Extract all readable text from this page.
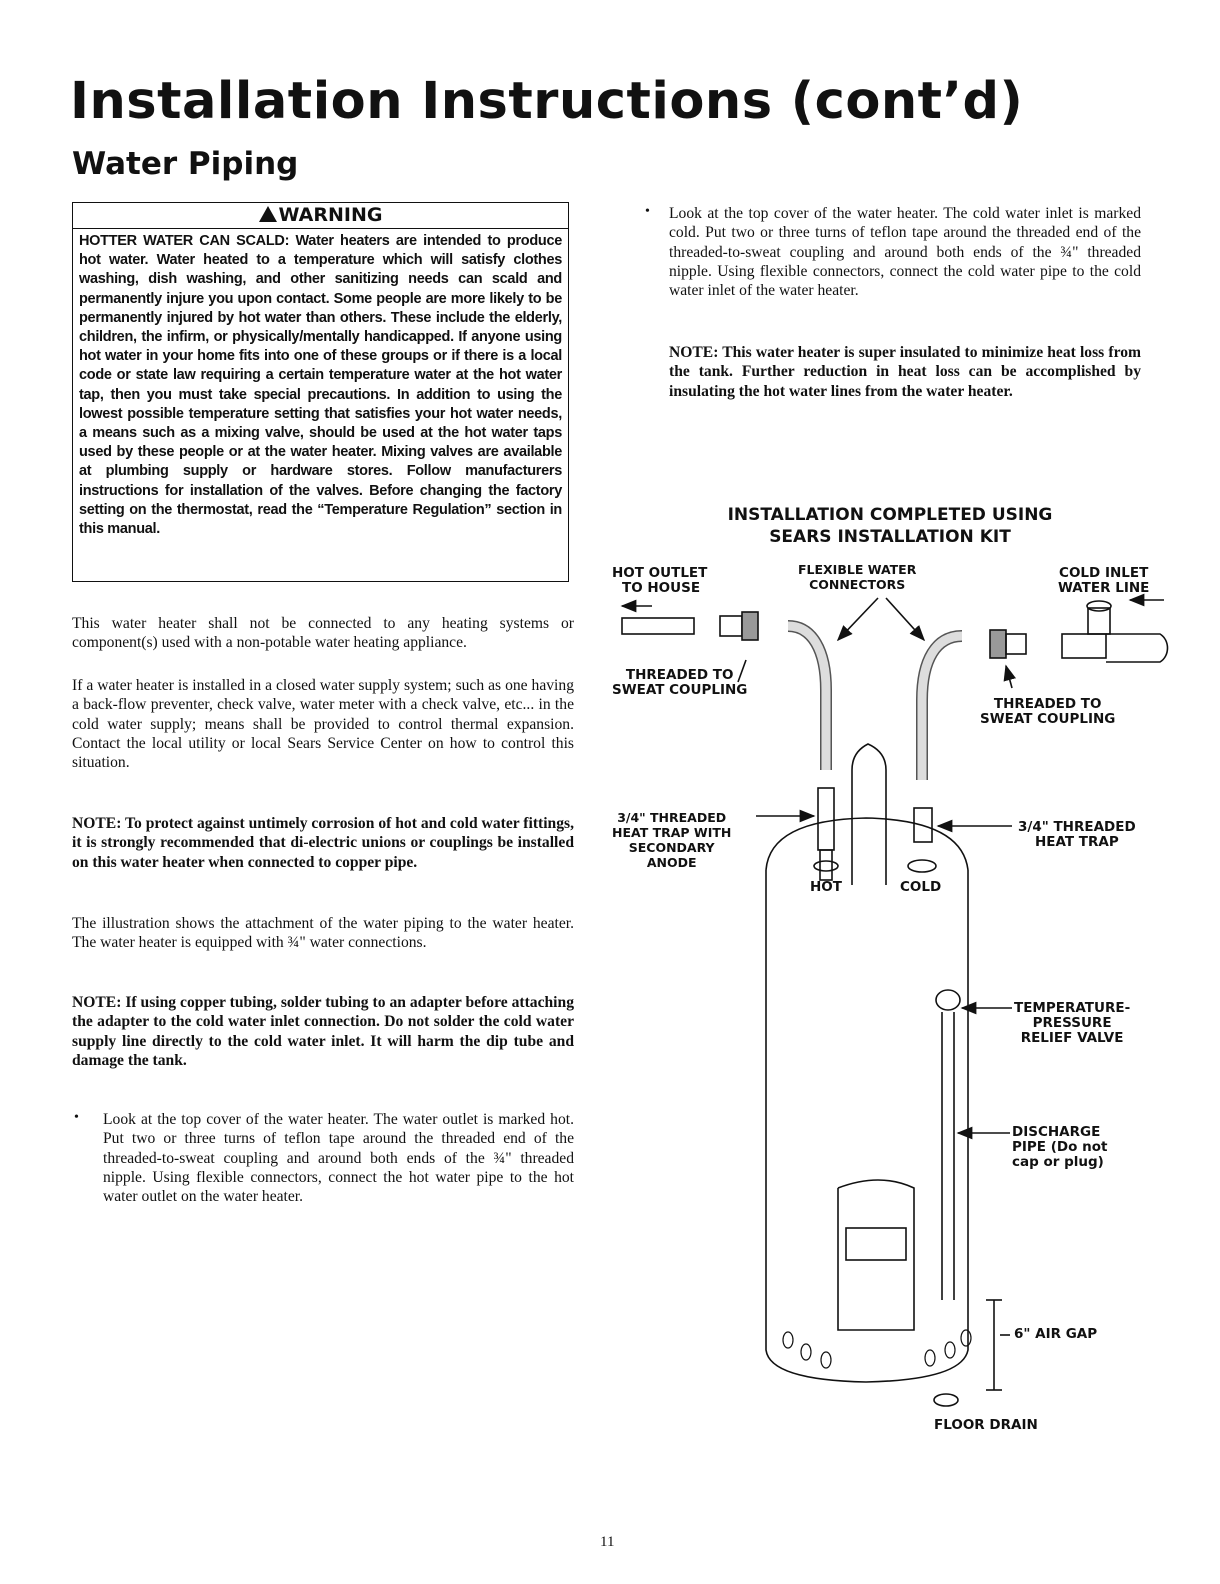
Installation Instructions (cont’d)
Water Piping
WARNING
HOTTER WATER CAN SCALD: Water heaters are intended to produce hot water. Water heated to a temperature which will satisfy clothes washing, dish washing, and other sanitizing needs can scald and permanently injure you upon contact. Some people are more likely to be permanently injured by hot water than others. These include the elderly, children, the infirm, or physically/mentally handicapped. If anyone using hot water in your home fits into one of these groups or if there is a local code or state law requiring a certain temperature water at the hot water tap, then you must take special precautions. In addition to using the lowest possible temperature setting that satisfies your hot water needs, a means such as a mixing valve, should be used at the hot water taps used by these people or at the water heater. Mixing valves are available at plumbing supply or hardware stores. Follow manufacturers instructions for installation of the valves. Before changing the factory setting on the thermostat, read the “Temperature Regulation” section in this manual.
This water heater shall not be connected to any heating systems or component(s) used with a non-potable water heating appliance.
If a water heater is installed in a closed water supply system; such as one having a back-flow preventer, check valve, water meter with a check valve, etc... in the cold water supply; means shall be provided to control thermal expansion. Contact the local utility or local Sears Service Center on how to control this situation.
NOTE: To protect against untimely corrosion of hot and cold water fittings, it is strongly recommended that di-electric unions or couplings be installed on this water heater when connected to copper pipe.
The illustration shows the attachment of the water piping to the water heater. The water heater is equipped with ¾" water connections.
NOTE: If using copper tubing, solder tubing to an adapter before attaching the adapter to the cold water inlet connection. Do not solder the cold water supply line directly to the cold water inlet. It will harm the dip tube and damage the tank.
• Look at the top cover of the water heater. The water outlet is marked hot. Put two or three turns of teflon tape around the threaded end of the threaded-to-sweat coupling and around both ends of the ¾" threaded nipple. Using flexible connectors, connect the hot water pipe to the hot water outlet on the water heater.
• Look at the top cover of the water heater. The cold water inlet is marked cold. Put two or three turns of teflon tape around the threaded end of the threaded-to-sweat coupling and around both ends of the ¾" threaded nipple. Using flexible connectors, connect the cold water pipe to the cold water inlet of the water heater.
NOTE: This water heater is super insulated to minimize heat loss from the tank. Further reduction in heat loss can be accomplished by insulating the hot water lines from the water heater.
INSTALLATION COMPLETED USING
SEARS INSTALLATION KIT
HOT OUTLET
TO HOUSE
FLEXIBLE WATER
CONNECTORS
COLD INLET
WATER LINE
THREADED TO
SWEAT COUPLING
THREADED TO
SWEAT COUPLING
3/4" THREADED
HEAT TRAP WITH
SECONDARY
ANODE
3/4" THREADED
HEAT TRAP
HOT	COLD
TEMPERATURE-
PRESSURE
RELIEF VALVE
DISCHARGE
PIPE (Do not
cap or plug)
6" AIR GAP
FLOOR DRAIN
11
